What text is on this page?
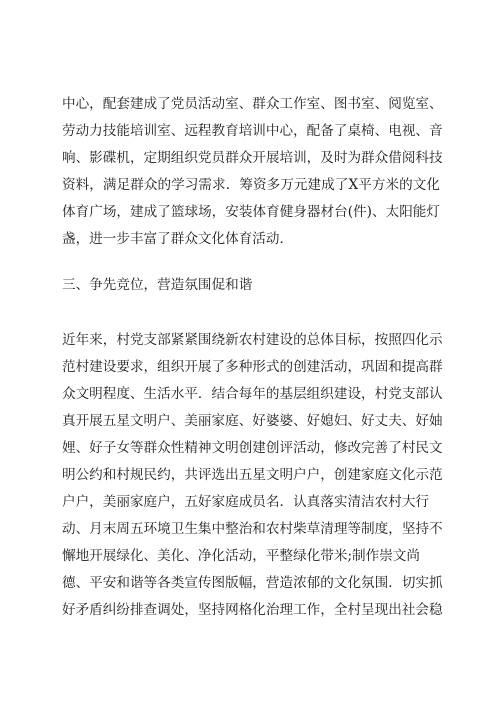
中心，配套建成了党员活动室、群众工作室、图书室、阅览室、
劳动力技能培训室、远程教育培训中心，配备了桌椅、电视、音
响、影碟机，定期组织党员群众开展培训，及时为群众借阅科技
资料，满足群众的学习需求．筹资多万元建成了X平方米的文化
体育广场，建成了篮球场，安装体育健身器材台(件)、太阳能灯
盏，进一步丰富了群众文化体育活动．
三、争先竞位，营造氛围促和谐
近年来，村党支部紧紧围绕新农村建设的总体目标，按照四化示
范村建设要求，组织开展了多种形式的创建活动，巩固和提高群
众文明程度、生活水平．结合每年的基层组织建设，村党支部认
真开展五星文明户、美丽家庭、好婆婆、好媳妇、好丈夫、好妯
娌、好子女等群众性精神文明创建创评活动，修改完善了村民文
明公约和村规民约，共评选出五星文明户户，创建家庭文化示范
户户，美丽家庭户，五好家庭成员名．认真落实清洁农村大行
动、月末周五环境卫生集中整治和农村柴草清理等制度，坚持不
懈地开展绿化、美化、净化活动，平整绿化带米;制作崇文尚
德、平安和谐等各类宣传图版幅，营造浓郁的文化氛围．切实抓
好矛盾纠纷排查调处，坚持网格化治理工作，全村呈现出社会稳
